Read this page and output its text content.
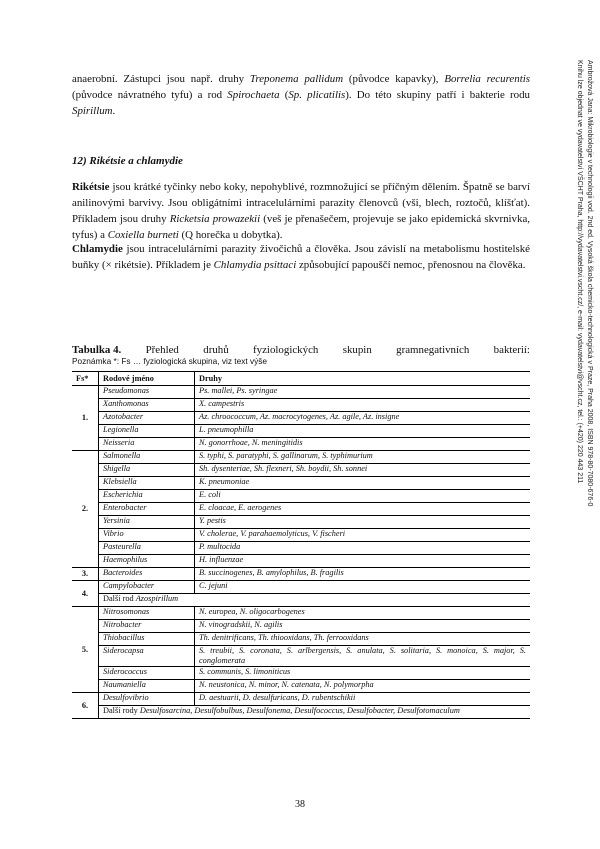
anaerobní. Zástupci jsou např. druhy Treponema pallidum (původce kapavky), Borrelia recurentis (původce návratného tyfu) a rod Spirochaeta (Sp. plicatilis). Do této skupiny patří i bakterie rodu Spirillum.

12) Rikétsie a chlamydie

Rikétsie jsou krátké tyčinky nebo koky, nepohyblivé, rozmnožující se příčným dělením. Špatně se barví anilinovými barvivy. Jsou obligátními intracelulárními parazity členovců (vši, blech, roztočů, klíšťat). Příkladem jsou druhy Ricketsia prowazekii (veš je přenašečem, projevuje se jako epidemická skvrnivka, tyfus) a Coxiella burneti (Q horečka u dobytka).

Chlamydie jsou intracelulárními parazity živočichů a člověka. Jsou závislí na metabolismu hostitelské buňky (× rikétsie). Příkladem je Chlamydia psittaci způsobující papouščí nemoc, přenosnou na člověka.

Tabulka 4. Přehled druhů fyziologických skupin gramnegativních bakterií:

Poznámka *: Fs … fyziologická skupina, viz text výše

Fs*	Rodové jméno	Druhy
1.	Pseudomonas	Ps. mallei, Ps. syringae
	Xanthomonas	X. campestris
	Azotobacter	Az. chroococcum, Az. macrocytogenes, Az. agile, Az. insigne
	Legionella	L. pneumophilla
	Neisseria	N. gonorrhoae, N. meningitidis
2.	Salmonella	S. typhi, S. paratyphi, S. gallinarum, S. typhimurium
	Shigella	Sh. dysenteriae, Sh. flexneri, Sh. boydii, Sh. sonnei
	Klebsiella	K. pneumoniae
	Escherichia	E. coli
	Enterobacter	E. cloacae, E. aerogenes
	Yersinia	Y. pestis
	Vibrio	V. cholerae, V. parahaemolyticus, V. fischeri
	Pasteurella	P. multocida
	Haemophilus	H. influenzae
3.	Bacteroides	B. succinogenes, B. amylophilus, B. fragilis
4.	Campylobacter	C. jejuni
	Další rod Azospirillum	
5.	Nitrosomonas	N. europea, N. oligocarbogenes
	Nitrobacter	N. vinogradskii, N. agilis
	Thiobacillus	Th. denitrificans, Th. thiooxidans, Th. ferrooxidans
	Siderocapsa	S. treubii, S. coronata, S. arlbergensis, S. anulata, S. solitaria, S. monoica, S. major, S. conglomerata
	Siderococcus	S. communis, S. limoniticus
	Naumaniella	N. neustonica, N. minor, N. catenata, N. polymorpha
6.	Desulfovibrio	D. aestuarii, D. desulfuricans, D. rubentschikii
	Další rody Desulfosarcina, Desulfobulbus, Desulfonema, Desulfococcus, Desulfobacter, Desulfotomaculum	
Ambrožová Jana: Mikrobiologie v technologii vod. 2nd ed. Vysoká škola chemicko-technologická v Praze, Praha 2008, ISBN 978-80-7080-676-0
Knihu lze objednat ve vydavatelství VŠCHT Praha, http://vydavatelstvi.vscht.cz/, e-mail: vydavatelstvi@vscht.cz, tel.: (+420) 220 443 211
38
